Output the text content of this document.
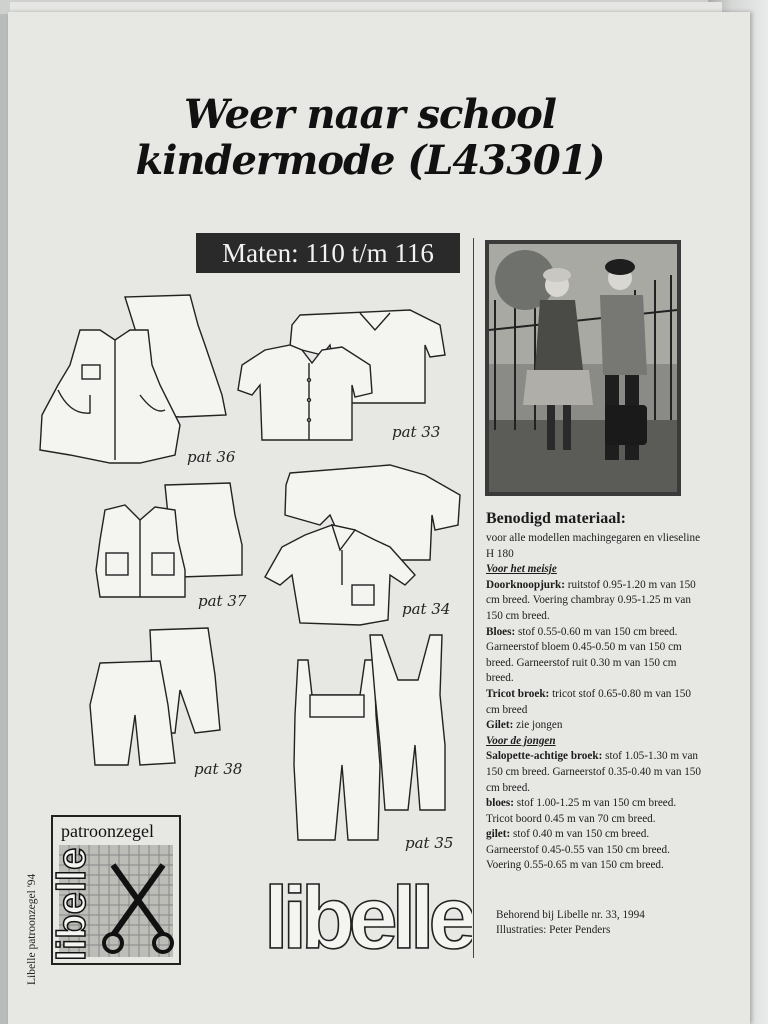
Weer naar school
kindermode (L43301)
Maten: 110 t/m 116
pat 36
pat 33
pat 37	pat 34
pat 38
pat 35
Benodigd materiaal:

voor alle modellen machingegaren en vlieseline H 180

Voor het meisje

Doorknoopjurk: ruitstof 0.95-1.20 m van 150 cm breed. Voering chambray 0.95-1.25 m van 150 cm breed.

Bloes: stof 0.55-0.60 m van 150 cm breed. Garneerstof bloem 0.45-0.50 m van 150 cm breed. Garneerstof ruit 0.30 m van 150 cm breed.

Tricot broek: tricot stof 0.65-0.80 m van 150 cm breed

Gilet: zie jongen

Voor de jongen

Salopette-achtige broek: stof 1.05-1.30 m van 150 cm breed. Garneerstof 0.35-0.40 m van 150 cm breed.

bloes: stof 1.00-1.25 m van 150 cm breed. Tricot boord 0.45 m van 70 cm breed.

gilet: stof 0.40 m van 150 cm breed. Garneerstof 0.45-0.55 van 150 cm breed. Voering 0.55-0.65 m van 150 cm breed.

Behorend bij Libelle nr. 33, 1994
Illustraties: Peter Penders
libelle
patroonzegel
libelle
Libelle patroonzegel '94
